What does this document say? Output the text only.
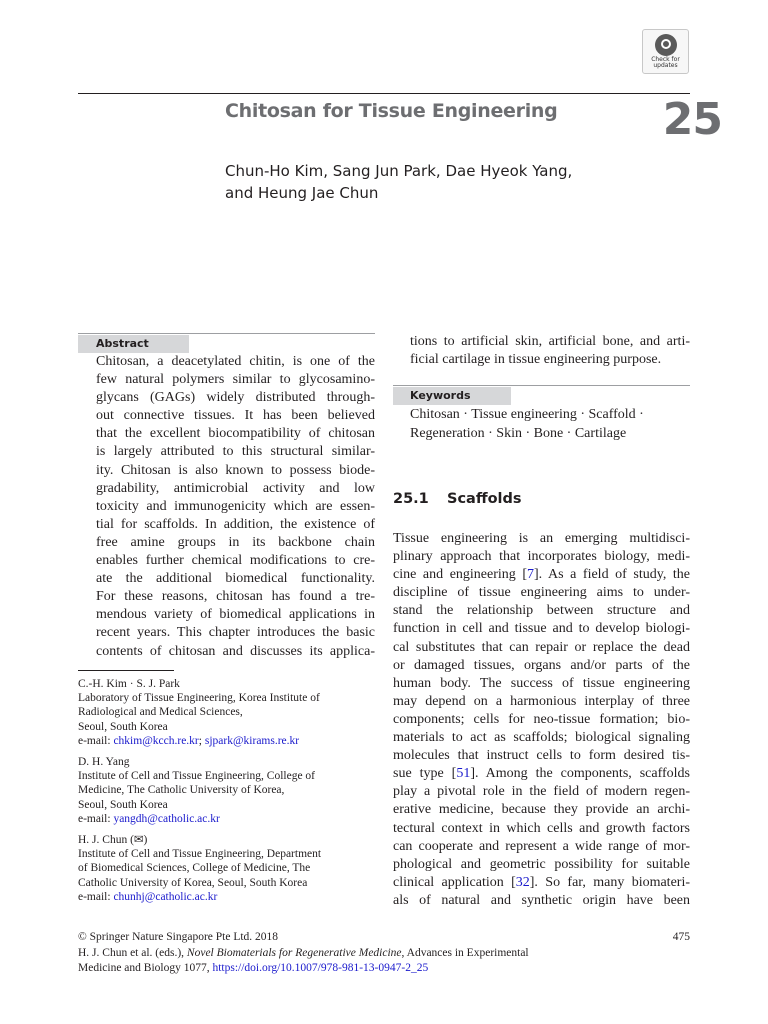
Check for
updates
Chitosan for Tissue Engineering 25
Chun-Ho Kim, Sang Jun Park, Dae Hyeok Yang,
and Heung Jae Chun
Abstract
Chitosan, a deacetylated chitin, is one of the
few natural polymers similar to glycosamino-
glycans (GAGs) widely distributed through-
out connective tissues. It has been believed
that the excellent biocompatibility of chitosan
is largely attributed to this structural similar-
ity. Chitosan is also known to possess biode-
gradability, antimicrobial activity and low
toxicity and immunogenicity which are essen-
tial for scaffolds. In addition, the existence of
free amine groups in its backbone chain
enables further chemical modifications to cre-
ate the additional biomedical functionality.
For these reasons, chitosan has found a tre-
mendous variety of biomedical applications in
recent years. This chapter introduces the basic
contents of chitosan and discusses its applica-
C.-H. Kim · S. J. Park
Laboratory of Tissue Engineering, Korea Institute of
Radiological and Medical Sciences,
Seoul, South Korea
e-mail: chkim@kcch.re.kr; sjpark@kirams.re.kr
D. H. Yang
Institute of Cell and Tissue Engineering, College of
Medicine, The Catholic University of Korea,
Seoul, South Korea
e-mail: yangdh@catholic.ac.kr
H. J. Chun (✉)
Institute of Cell and Tissue Engineering, Department
of Biomedical Sciences, College of Medicine, The
Catholic University of Korea, Seoul, South Korea
e-mail: chunhj@catholic.ac.kr
tions to artificial skin, artificial bone, and arti-
ficial cartilage in tissue engineering purpose.
Keywords
Chitosan · Tissue engineering · Scaffold ·
Regeneration · Skin · Bone · Cartilage
25.1 Scaffolds
Tissue engineering is an emerging multidisci-
plinary approach that incorporates biology, medi-
cine and engineering [7]. As a field of study, the
discipline of tissue engineering aims to under-
stand the relationship between structure and
function in cell and tissue and to develop biologi-
cal substitutes that can repair or replace the dead
or damaged tissues, organs and/or parts of the
human body. The success of tissue engineering
may depend on a harmonious interplay of three
components; cells for neo-tissue formation; bio-
materials to act as scaffolds; biological signaling
molecules that instruct cells to form desired tis-
sue type [51]. Among the components, scaffolds
play a pivotal role in the field of modern regen-
erative medicine, because they provide an archi-
tectural context in which cells and growth factors
can cooperate and represent a wide range of mor-
phological and geometric possibility for suitable
clinical application [32]. So far, many biomateri-
als of natural and synthetic origin have been
© Springer Nature Singapore Pte Ltd. 2018	475
H. J. Chun et al. (eds.), Novel Biomaterials for Regenerative Medicine, Advances in Experimental
Medicine and Biology 1077, https://doi.org/10.1007/978-981-13-0947-2_25
